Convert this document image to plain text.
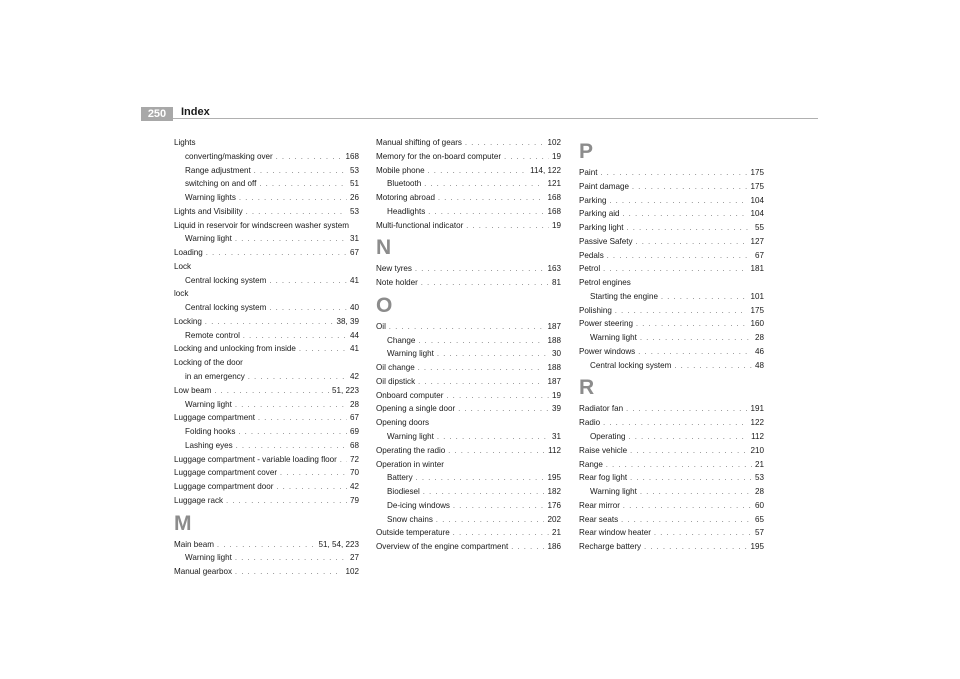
250	Index
Lights
converting/masking over . . .	168
Range adjustment . . .	53
switching on and off . . .	51
Warning lights . . .	26
Lights and Visibility . . .	53
Liquid in reservoir for windscreen washer system
Warning light . . .	31
Loading . . .	67
Lock
Central locking system . . .	41
lock
Central locking system . . .	40
Locking . . .	38, 39
Remote control . . .	44
Locking and unlocking from inside . . .	41
Locking of the door
in an emergency . . .	42
Low beam . . .	51, 223
Warning light . . .	28
Luggage compartment . . .	67
Folding hooks . . .	69
Lashing eyes . . .	68
Luggage compartment - variable loading floor . . . 72
Luggage compartment cover . . .	70
Luggage compartment door . . .	42
Luggage rack . . .	79
M
Main beam . . .	51, 54, 223
Warning light . . .	27
Manual gearbox . . .	102
Manual shifting of gears . . .	102
Memory for the on-board computer . . .	19
Mobile phone . . .	114, 122
Bluetooth . . .	121
Motoring abroad . . .	168
Headlights . . .	168
Multi-functional indicator . . .	19
N
New tyres . . .	163
Note holder . . .	81
O
Oil . . .	187
Change . . .	188
Warning light . . .	30
Oil change . . .	188
Oil dipstick . . .	187
Onboard computer . . .	19
Opening a single door . . .	39
Opening doors
Warning light . . .	31
Operating the radio . . .	112
Operation in winter
Battery . . .	195
Biodiesel . . .	182
De-icing windows . . .	176
Snow chains . . .	202
Outside temperature . . .	21
Overview of the engine compartment . . .	186
P
Paint . . .	175
Paint damage . . .	175
Parking . . .	104
Parking aid . . .	104
Parking light . . .	55
Passive Safety . . .	127
Pedals . . .	67
Petrol . . .	181
Petrol engines
Starting the engine . . .	101
Polishing . . .	175
Power steering . . .	160
Warning light . . .	28
Power windows . . .	46
Central locking system . . .	48
R
Radiator fan . . .	191
Radio . . .	122
Operating . . .	112
Raise vehicle . . .	210
Range . . .	21
Rear fog light . . .	53
Warning light . . .	28
Rear mirror . . .	60
Rear seats . . .	65
Rear window heater . . .	57
Recharge battery . . .	195
